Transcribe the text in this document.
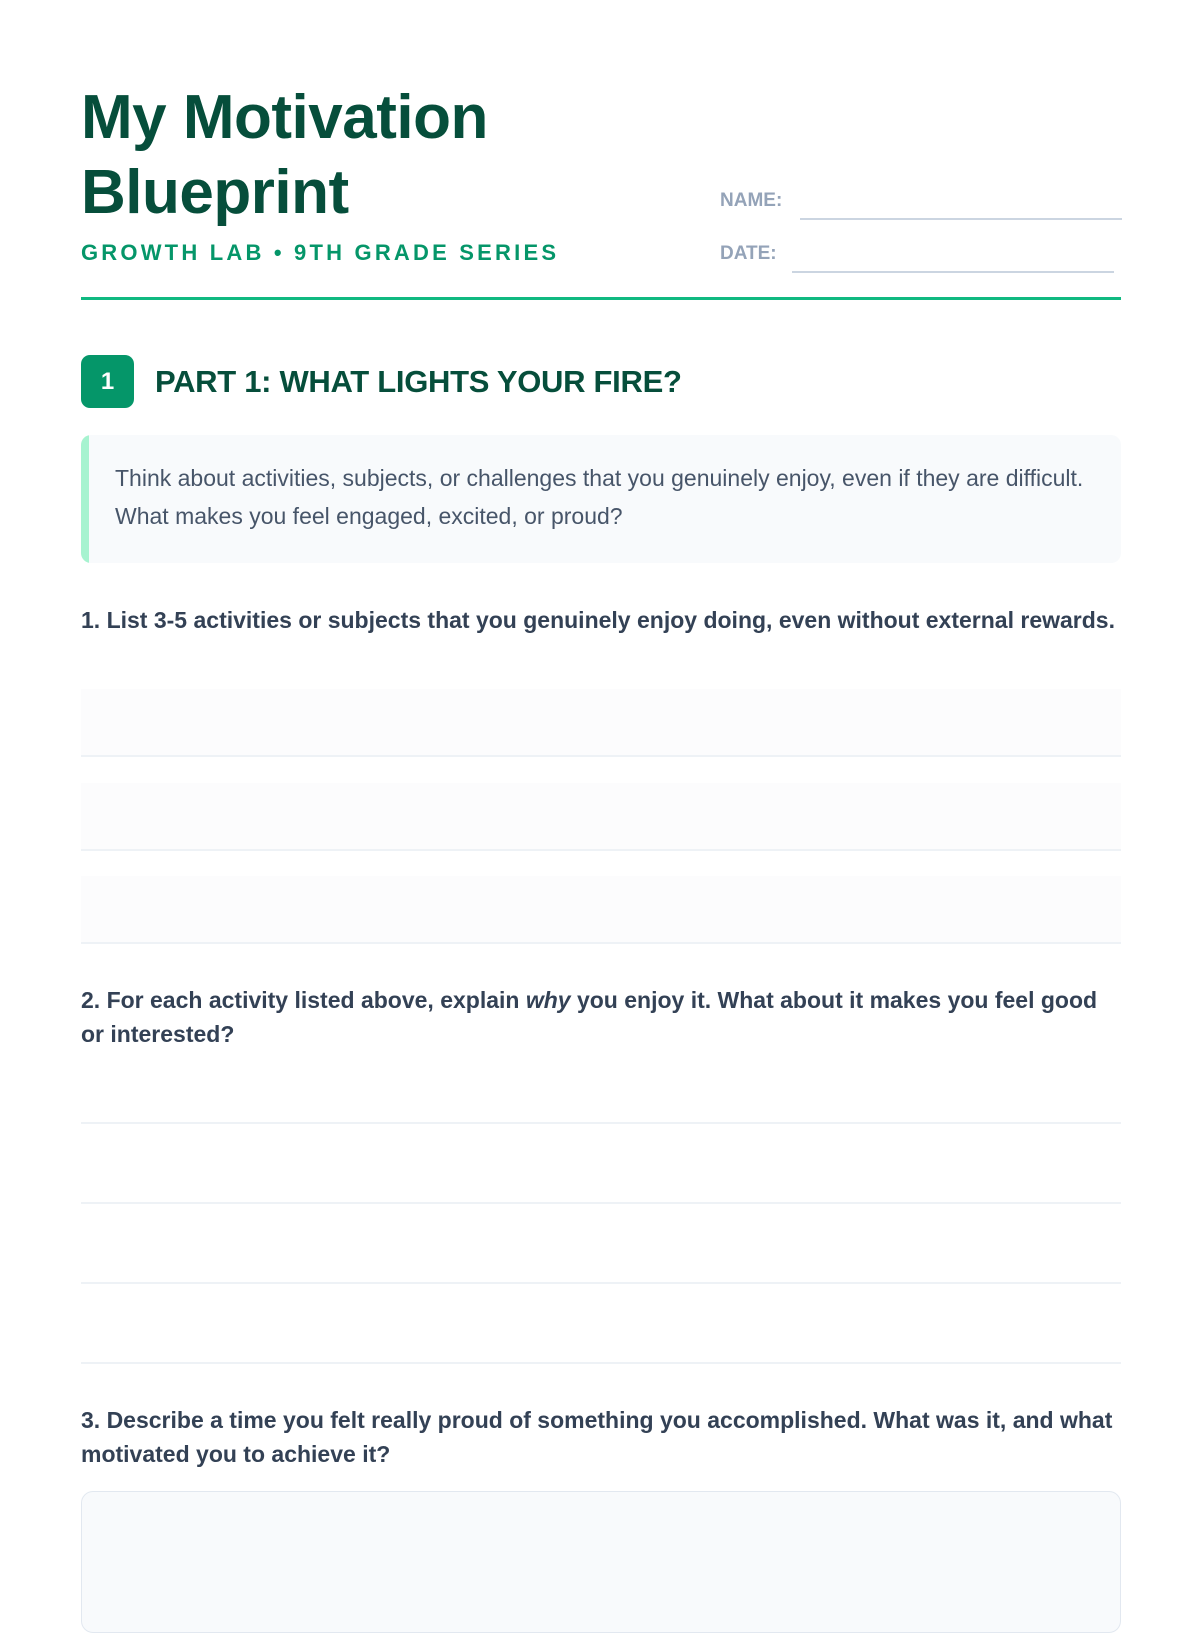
My Motivation Blueprint
GROWTH LAB • 9TH GRADE SERIES
NAME:
DATE:
1	PART 1: WHAT LIGHTS YOUR FIRE?

Think about activities, subjects, or challenges that you genuinely enjoy, even if they are difficult. What makes you feel engaged, excited, or proud?

1. List 3-5 activities or subjects that you genuinely enjoy doing, even without external rewards.

2. For each activity listed above, explain why you enjoy it. What about it makes you feel good or interested?

3. Describe a time you felt really proud of something you accomplished. What was it, and what motivated you to achieve it?
